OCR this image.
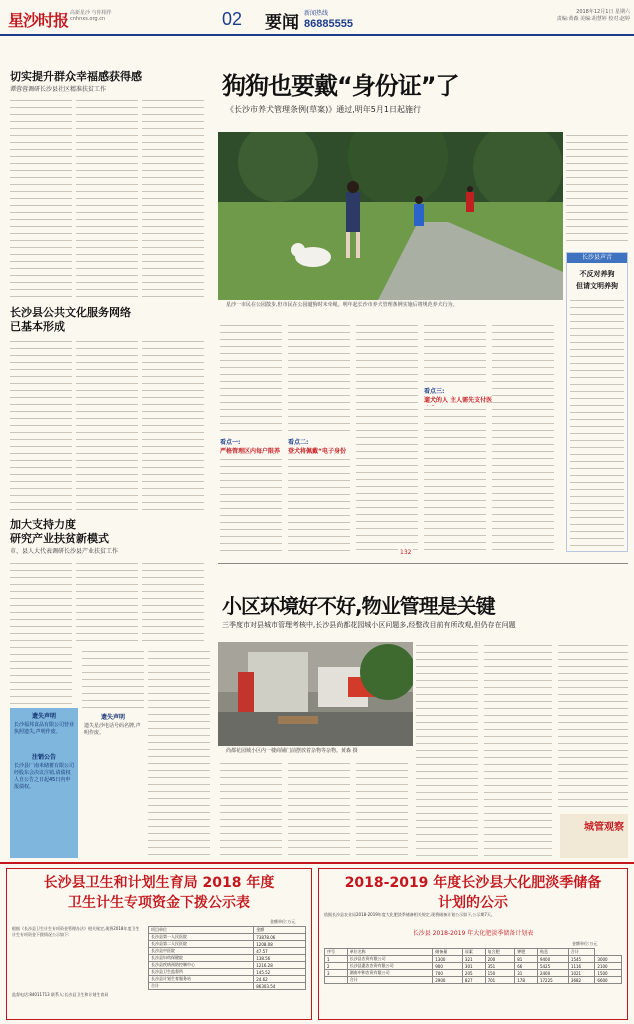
星沙时报 高新星沙 与你相伴
cnhnxs.org.cn	02 要闻 新闻热线
86885555
2018年12月1日 星期六
责编:黄森 美编:胡慧婷 校对:赵婷
切实提升群众幸福感获得感
谭蓉蓉调研长沙县社区精准扶贫工作
长沙县公共文化服务网络
已基本形成
加大支持力度
研究产业扶贫新模式
市、县人大代表调研长沙县产业扶贫工作
遗失声明
长沙福邦食品有限公司营业执照遗失,声明作废。
注销公告
长沙县厂南米储蓄有限公司经股东会决议注销,请债权人自公告之日起45日内申报债权。
遗失声明
遗失星沙电话号码名牌,声明作废。
狗狗也要戴“身份证”了
《长沙市养犬管理条例(草案)》通过,明年5月1日起施行
星沙一市民在公园散步,但市民在公园遛狗时未牵绳。明年起长沙市养犬管理条例实施后将规范养犬行为。
看点一:
严格管理区内每户限养
看点二:
登犬将佩戴“电子身份
看点三:
遛犬的人 主人需先支付医
132
长沙县声音
不反对养狗
但请文明养狗
小区环境好不好,物业管理是关键
三季度市对县城市管理考核中,长沙县尚都花园城小区问题多,经整改目前有所改观,但仍存在问题
尚都花园城小区内一楼商铺门前摆放着杂物等杂物。黄森 摄
城管观察
长沙县卫生和计划生育局 2018 年度
卫生计生专项资金下拨公示表
金额单位:万元
根据《长沙县卫生计生专项资金管理办法》相关规定,现将2018年度卫生计生专项资金下拨情况公示如下:
监督电话:84011713 联系人:长沙县卫生和计划生育局
项目单位	金额
长沙县第一人民医院	73878.06
长沙县第二人民医院	1208.08
长沙县中医院	47.57
长沙县妇幼保健院	138.56
长沙县疾病预防控制中心	1216.28
长沙县卫生监督所	145.52
长沙县计划生育服务站	24.62
合计	86303.54
2018-2019 年度长沙县大化肥淡季储备
计划的公示
依据长沙县农业局2018-2019年度大化肥淡季储备相关规定,现将储备计划公示如下,公示期7天。
长沙县 2018-2019 年大化肥淡季储备计划表
金额单位:万元
序号	单位名称	储备量	尿素	复合肥	钾肥	贴息	合计	
1	长沙县农资有限公司	1300	321	200	81	9400	1545	3000
2	长沙县惠农农资有限公司	900	301	351	66	5425	1116	2100
3	湖南中和农资有限公司	700	205	150	31	2400	1021	1500
	合计	2900	827	701	178	17225	3682	6600
